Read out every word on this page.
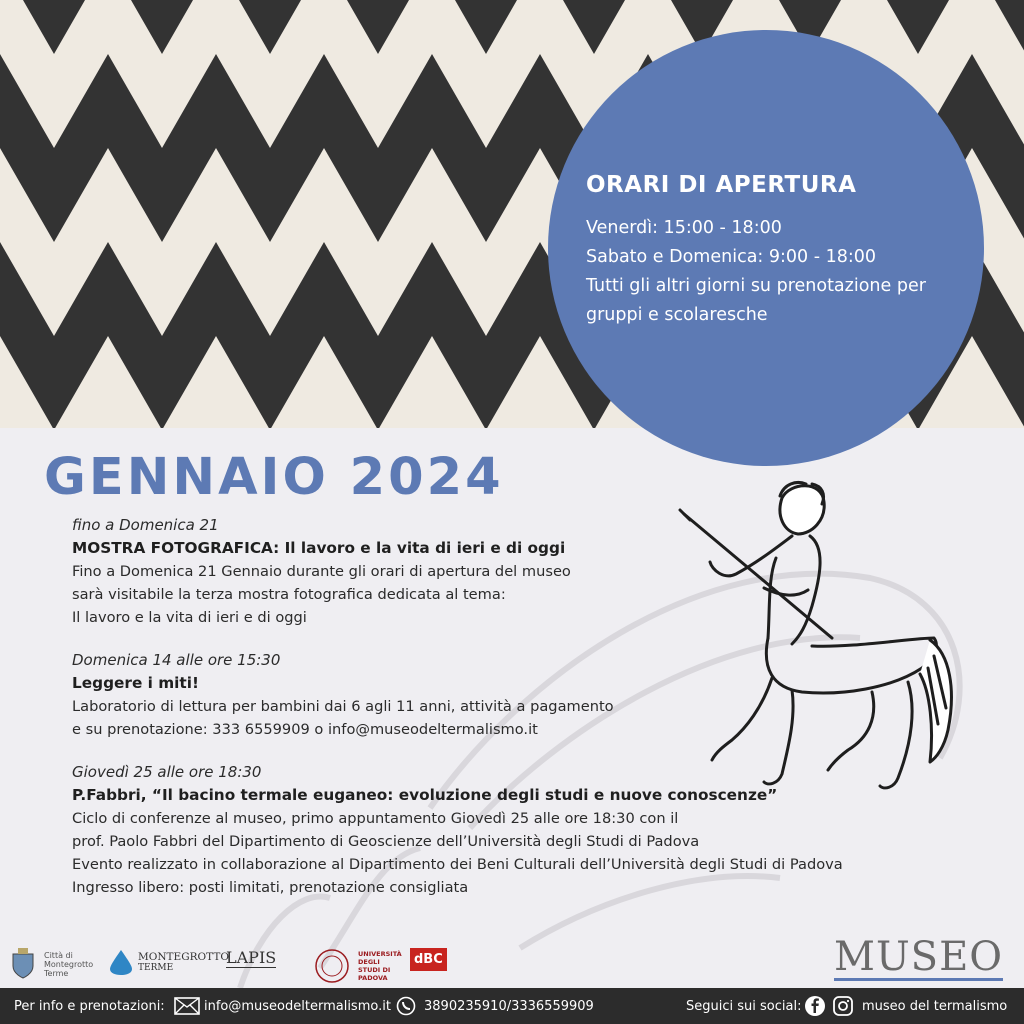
ORARI DI APERTURA
Venerdì: 15:00 - 18:00
Sabato e Domenica: 9:00 - 18:00
Tutti gli altri giorni su prenotazione per
gruppi e scolaresche
GENNAIO 2024
fino a Domenica 21
MOSTRA FOTOGRAFICA: Il lavoro e la vita di ieri e di oggi
Fino a Domenica 21 Gennaio durante gli orari di apertura del museo
sarà visitabile la terza mostra fotografica dedicata al tema:
Il lavoro e la vita di ieri e di oggi
Domenica 14 alle ore 15:30
Leggere i miti!
Laboratorio di lettura per bambini dai 6 agli 11 anni, attività a pagamento
e su prenotazione: 333 6559909 o info@museodeltermalismo.it
Giovedì 25 alle ore 18:30
P.Fabbri, “Il bacino termale euganeo: evoluzione degli studi e nuove conoscenze”
Ciclo di conferenze al museo, primo appuntamento Giovedì 25 alle ore 18:30 con il
prof. Paolo Fabbri del Dipartimento di Geoscienze dell’Università degli Studi di Padova
Evento realizzato in collaborazione al Dipartimento dei Beni Culturali dell’Università degli Studi di Padova
Ingresso libero: posti limitati, prenotazione consigliata
Città di Montegrotto Terme
MONTEGROTTO
TERME
LAPIS	UNIVERSITÀ DEGLI STUDI DI PADOVA
dBC	MUSEO
Per info e prenotazioni:	info@museodeltermalismo.it	3890235910/3336559909	Seguici sui social:	museo del termalismo
